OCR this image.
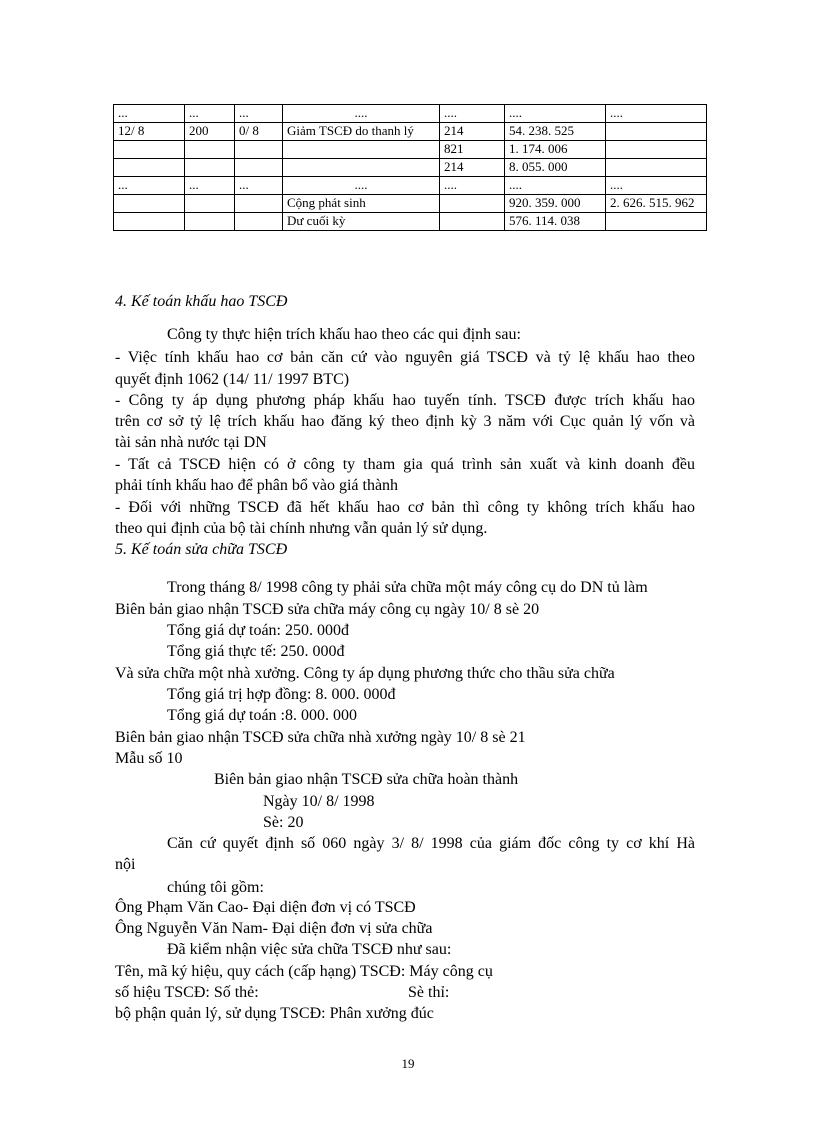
...	...	...	....	....	....	....
12/ 8	200	0/ 8	Giảm TSCĐ do thanh lý	214	54. 238. 525	
				821	1. 174. 006	
				214	8. 055. 000	
...	...	...	....	....	....	....
			Cộng phát sinh		920. 359. 000	2. 626. 515. 962
			Dư cuối kỳ		576. 114. 038	
4. Kế toán khấu hao TSCĐ
Công ty thực hiện trích khấu hao theo các qui định sau:
- Việc tính khấu hao cơ bản căn cứ vào nguyên giá TSCĐ và tỷ lệ khấu hao theo
quyết định 1062 (14/ 11/ 1997 BTC)
- Công ty áp dụng phương pháp khấu hao tuyến tính. TSCĐ được trích khấu hao
trên cơ sở tỷ lệ trích khấu hao đăng ký theo định kỳ 3 năm với Cục quản lý vốn và
tài sản nhà nước tại DN
- Tất cả TSCĐ hiện có ở công ty tham gia quá trình sản xuất và kinh doanh đều
phải tính khấu hao để phân bổ vào giá thành
- Đối với những TSCĐ đã hết khấu hao cơ bản thì công ty không trích khấu hao
theo qui định của bộ tài chính nhưng vẫn quản lý sử dụng.
5. Kế toán sửa chữa TSCĐ
Trong tháng 8/ 1998 công ty phải sửa chữa một máy công cụ do DN tủ làm
Biên bản giao nhận TSCĐ sửa chữa máy công cụ ngày 10/ 8 sè 20
Tổng giá dự toán: 250. 000đ
Tổng giá thực tế: 250. 000đ
Và sửa chữa một nhà xưởng. Công ty áp dụng phương thức cho thầu sửa chữa
Tổng giá trị hợp đồng: 8. 000. 000đ
Tổng giá dự toán :8. 000. 000
Biên bản giao nhận TSCĐ sửa chữa nhà xưởng ngày 10/ 8 sè 21
Mẫu số 10
Biên bản giao nhận TSCĐ sửa chữa hoàn thành
Ngày 10/ 8/ 1998
Sè: 20
Căn cứ quyết định số 060 ngày 3/ 8/ 1998 của giám đốc công ty cơ khí Hà
nội
chúng tôi gồm:
Ông Phạm Văn Cao- Đại diện đơn vị có TSCĐ
Ông Nguyễn Văn Nam- Đại diện đơn vị sửa chữa
Đã kiểm nhận việc sửa chữa TSCĐ như sau:
Tên, mã ký hiệu, quy cách (cấp hạng) TSCĐ: Máy công cụ
số hiệu TSCĐ: Số thẻ:	Sè thỉ:
bộ phận quản lý, sử dụng TSCĐ: Phân xưởng đúc
19
